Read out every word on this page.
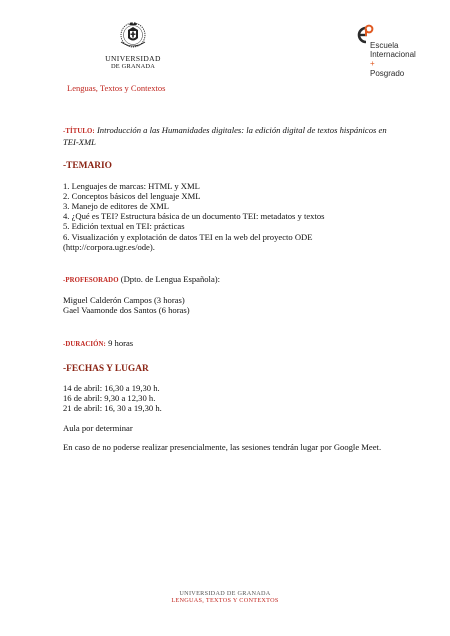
UNIVERSIDAD
DE GRANADA
Lenguas, Textos y Contextos
Escuela
Internacional
+
Posgrado

-TÍTULO: Introducción a las Humanidades digitales: la edición digital de textos hispánicos en
TEI-XML

-TEMARIO

1. Lenguajes de marcas: HTML y XML
2. Conceptos básicos del lenguaje XML
3. Manejo de editores de XML
4. ¿Qué es TEI? Estructura básica de un documento TEI: metadatos y textos
5. Edición textual en TEI: prácticas
6. Visualización y explotación de datos TEI en la web del proyecto ODE
(http://corpora.ugr.es/ode).

-PROFESORADO (Dpto. de Lengua Española):

Miguel Calderón Campos (3 horas)
Gael Vaamonde dos Santos (6 horas)

-DURACIÓN: 9 horas

-FECHAS Y LUGAR

14 de abril: 16,30 a 19,30 h.
16 de abril: 9,30 a 12,30 h.
21 de abril: 16, 30 a 19,30 h.
Aula por determinar
En caso de no poderse realizar presencialmente, las sesiones tendrán lugar por Google Meet.
UNIVERSIDAD DE GRANADA
LENGUAS, TEXTOS Y CONTEXTOS
